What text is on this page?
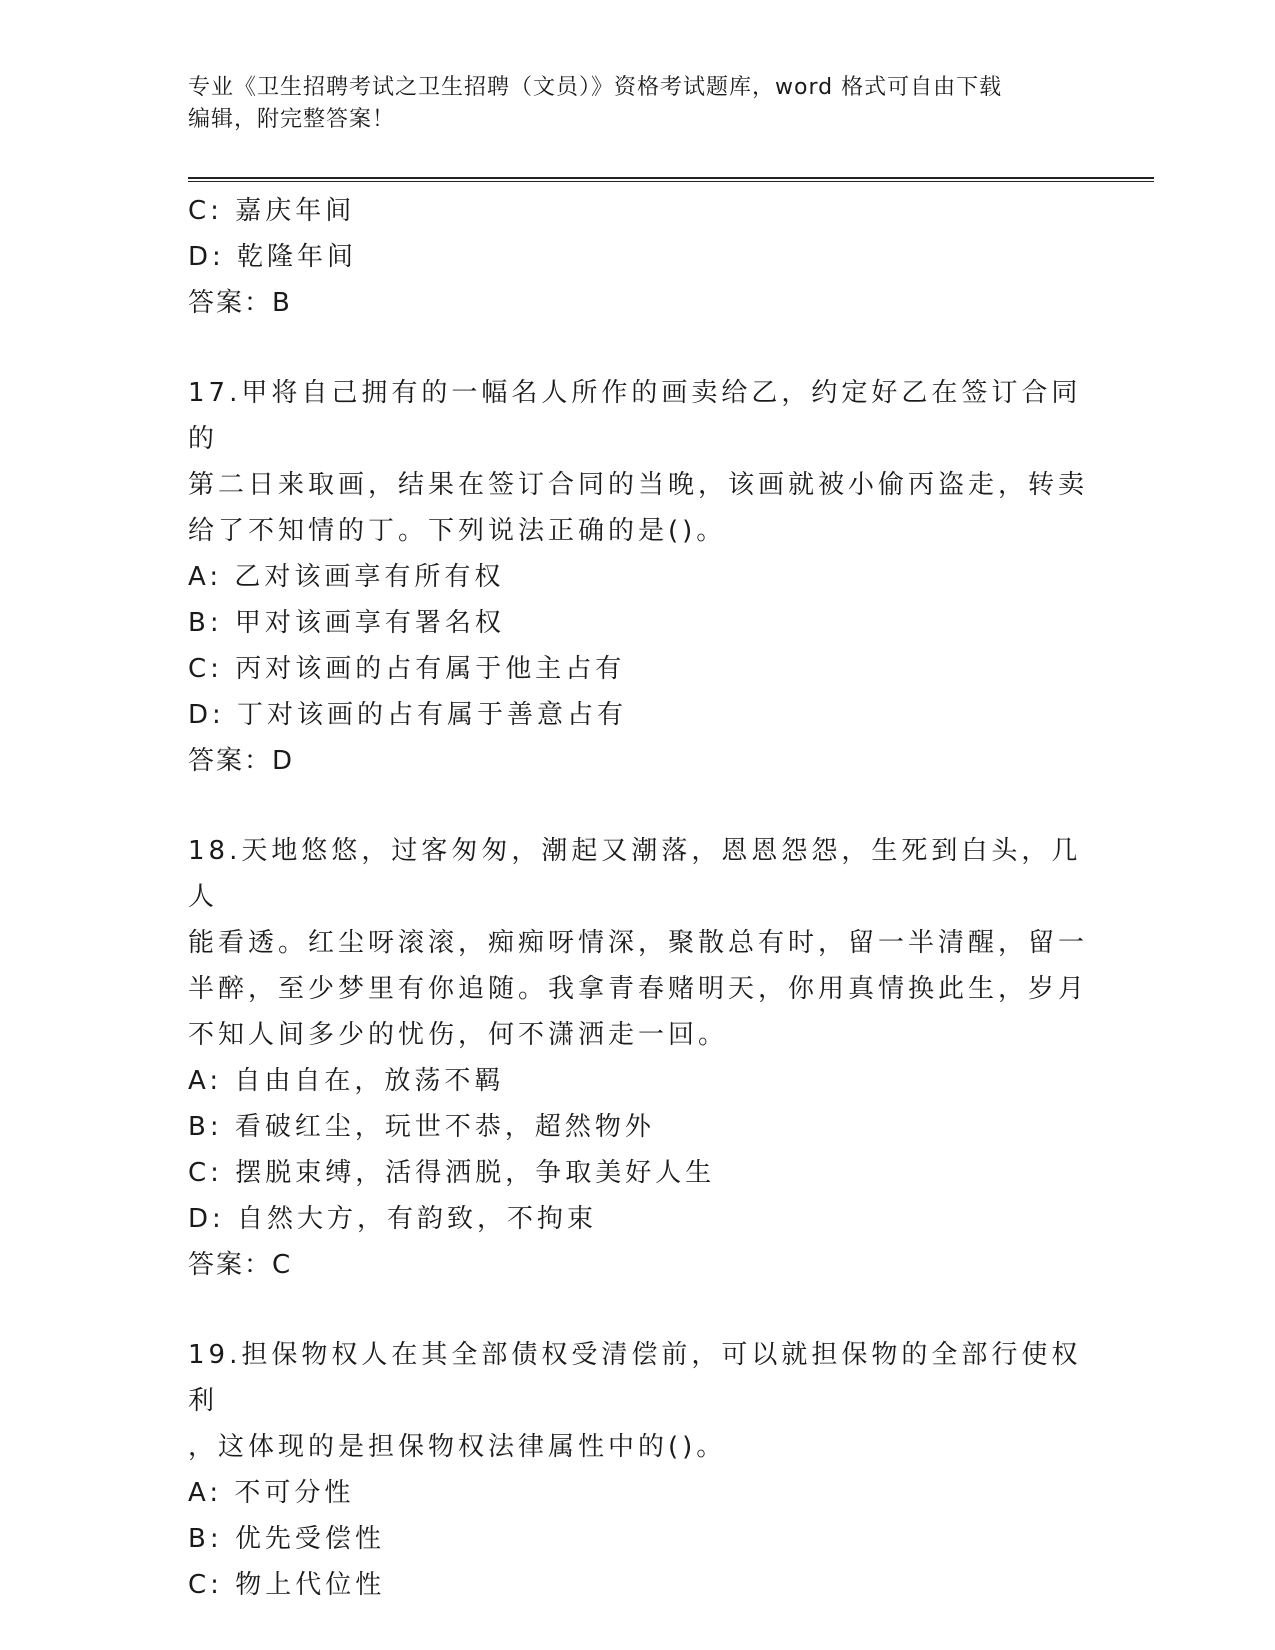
专业《卫生招聘考试之卫生招聘（文员）》资格考试题库，word 格式可自由下载
编辑，附完整答案！
C: 嘉庆年间
D: 乾隆年间
答案：B
17.甲将自己拥有的一幅名人所作的画卖给乙，约定好乙在签订合同的
第二日来取画，结果在签订合同的当晚，该画就被小偷丙盗走，转卖
给了不知情的丁。下列说法正确的是()。
A: 乙对该画享有所有权
B: 甲对该画享有署名权
C: 丙对该画的占有属于他主占有
D: 丁对该画的占有属于善意占有
答案：D
18.天地悠悠，过客匆匆，潮起又潮落，恩恩怨怨，生死到白头，几人
能看透。红尘呀滚滚，痴痴呀情深，聚散总有时，留一半清醒，留一
半醉，至少梦里有你追随。我拿青春赌明天，你用真情换此生，岁月
不知人间多少的忧伤，何不潇洒走一回。
A: 自由自在，放荡不羁
B: 看破红尘，玩世不恭，超然物外
C: 摆脱束缚，活得洒脱，争取美好人生
D: 自然大方，有韵致，不拘束
答案：C
19.担保物权人在其全部债权受清偿前，可以就担保物的全部行使权利
，这体现的是担保物权法律属性中的()。
A: 不可分性
B: 优先受偿性
C: 物上代位性
